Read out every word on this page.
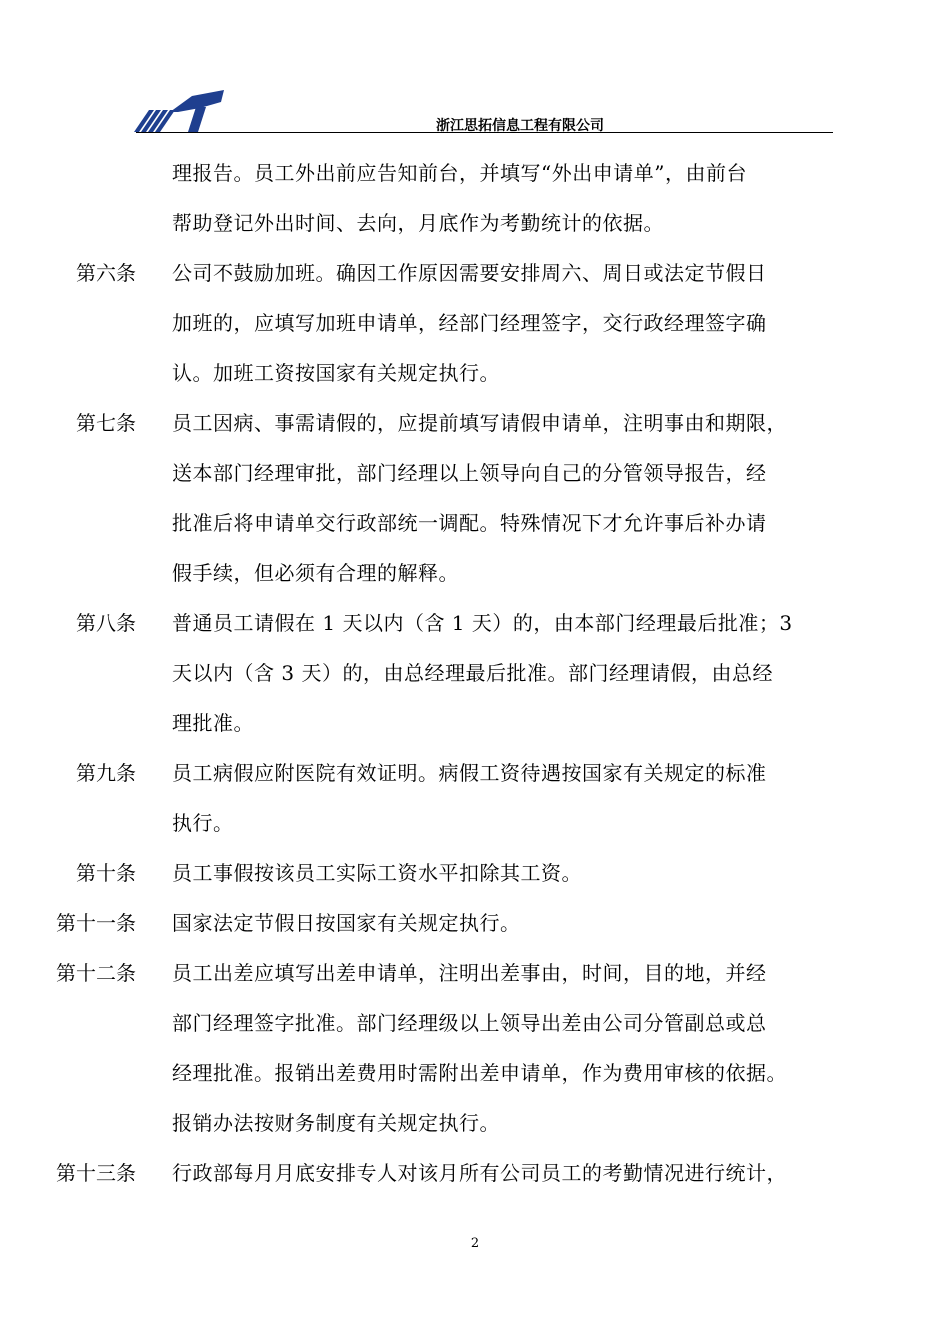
浙江思拓信息工程有限公司
理报告。员工外出前应告知前台，并填写“外出申请单”，由前台
帮助登记外出时间、去向，月底作为考勤统计的依据。
第六条 公司不鼓励加班。确因工作原因需要安排周六、周日或法定节假日
加班的，应填写加班申请单，经部门经理签字，交行政经理签字确
认。加班工资按国家有关规定执行。
第七条 员工因病、事需请假的，应提前填写请假申请单，注明事由和期限，
送本部门经理审批，部门经理以上领导向自己的分管领导报告，经
批准后将申请单交行政部统一调配。特殊情况下才允许事后补办请
假手续，但必须有合理的解释。
第八条 普通员工请假在 1 天以内（含 1 天）的，由本部门经理最后批准；3
天以内（含 3 天）的，由总经理最后批准。部门经理请假，由总经
理批准。
第九条 员工病假应附医院有效证明。病假工资待遇按国家有关规定的标准
执行。
第十条 员工事假按该员工实际工资水平扣除其工资。
第十一条 国家法定节假日按国家有关规定执行。
第十二条 员工出差应填写出差申请单，注明出差事由，时间，目的地，并经
部门经理签字批准。部门经理级以上领导出差由公司分管副总或总
经理批准。报销出差费用时需附出差申请单，作为费用审核的依据。
报销办法按财务制度有关规定执行。
第十三条 行政部每月月底安排专人对该月所有公司员工的考勤情况进行统计，
2
